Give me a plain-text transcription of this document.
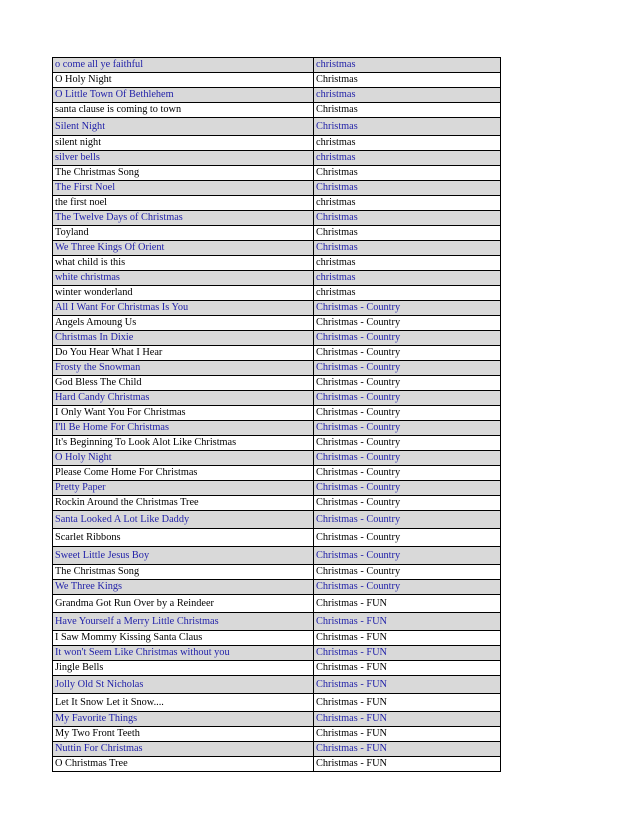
o come all ye faithful	christmas
O Holy Night	Christmas
O Little Town Of Bethlehem	christmas
santa clause is coming to town	Christmas
Silent Night	Christmas
silent night	christmas
silver bells	christmas
The Christmas Song	Christmas
The First Noel	Christmas
the first noel	christmas
The Twelve Days of Christmas	Christmas
Toyland	Christmas
We Three Kings Of Orient	Christmas
what child is this	christmas
white christmas	christmas
winter wonderland	christmas
All I Want For Christmas Is You	Christmas - Country
Angels Amoung Us	Christmas - Country
Christmas In Dixie	Christmas - Country
Do You Hear What I Hear	Christmas - Country
Frosty the Snowman	Christmas - Country
God Bless The Child	Christmas - Country
Hard Candy Christmas	Christmas - Country
I Only Want You For Christmas	Christmas - Country
I'll Be Home For Christmas	Christmas - Country
It's Beginning To Look Alot Like Christmas	Christmas - Country
O Holy Night	Christmas - Country
Please Come Home For Christmas	Christmas - Country
Pretty Paper	Christmas - Country
Rockin Around the Christmas Tree	Christmas - Country
Santa Looked A Lot Like Daddy	Christmas - Country
Scarlet Ribbons	Christmas - Country
Sweet Little Jesus Boy	Christmas - Country
The Christmas Song	Christmas - Country
We Three Kings	Christmas - Country
Grandma Got Run Over by a Reindeer	Christmas - FUN
Have Yourself a Merry Little Christmas	Christmas - FUN
I Saw Mommy Kissing Santa Claus	Christmas - FUN
It won't Seem Like Christmas without you	Christmas - FUN
Jingle Bells	Christmas - FUN
Jolly Old St Nicholas	Christmas - FUN
Let It Snow Let it Snow....	Christmas - FUN
My Favorite Things	Christmas - FUN
My Two Front Teeth	Christmas - FUN
Nuttin For Christmas	Christmas - FUN
O Christmas Tree	Christmas - FUN
